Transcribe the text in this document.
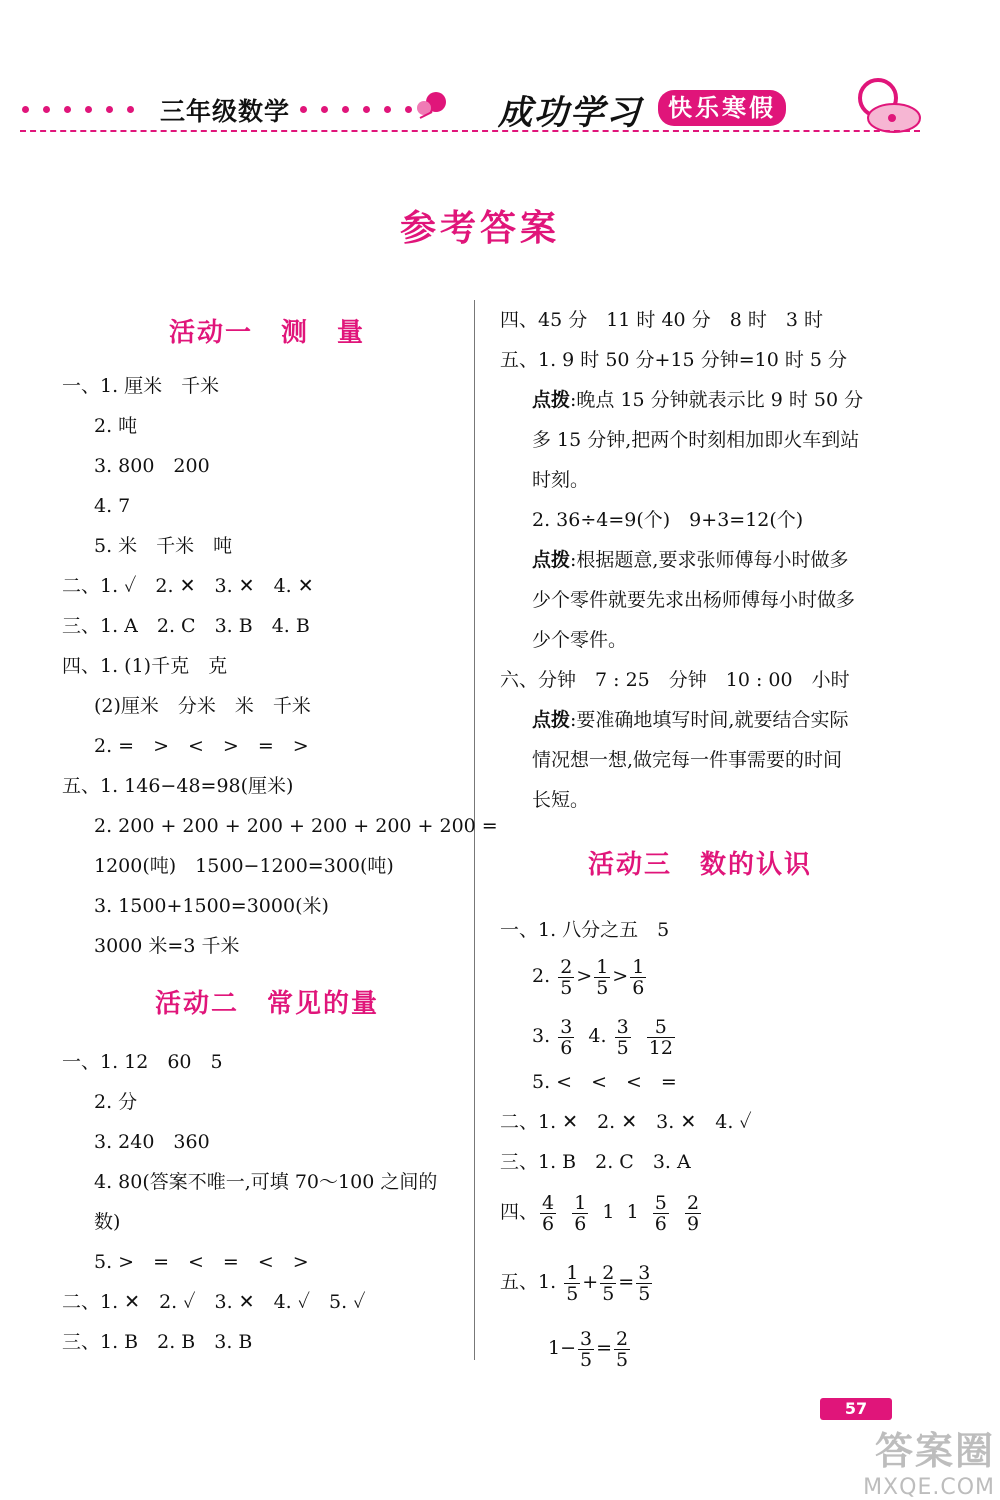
三年级数学	成功学习	快乐寒假
参考答案
活动一　测　量
一、1. 厘米　千米
2. 吨
3. 800　200
4. 7
5. 米　千米　吨
二、1. ✓　2. ✕　3. ✕　4. ✕
三、1. A　2. C　3. B　4. B
四、1. (1)千克　克
(2)厘米　分米　米　千米
2. =　>　<　>　=　>
五、1. 146−48=98(厘米)
2. 200 + 200 + 200 + 200 + 200 + 200 =
1200(吨)　1500−1200=300(吨)
3. 1500+1500=3000(米)
3000 米=3 千米
活动二　常见的量
一、1. 12　60　5
2. 分
3. 240　360
4. 80(答案不唯一,可填 70～100 之间的
数)
5. >　=　<　=　<　>
二、1. ✕　2. ✓　3. ✕　4. ✓　5. ✓
三、1. B　2. B　3. B
四、45 分　11 时 40 分　8 时　3 时
五、1. 9 时 50 分+15 分钟=10 时 5 分
点拨:晚点 15 分钟就表示比 9 时 50 分
多 15 分钟,把两个时刻相加即火车到站
时刻。
2. 36÷4=9(个)　9+3=12(个)
点拨:根据题意,要求张师傅每小时做多
少个零件就要先求出杨师傅每小时做多
少个零件。
六、分钟　7 : 25　分钟　10 : 00　小时
点拨:要准确地填写时间,就要结合实际
情况想一想,做完每一件事需要的时间
长短。
活动三　数的认识
一、1. 八分之五　5
2. $\frac{2}{5} > \frac{1}{5} > \frac{1}{6}$
3. $\frac{3}{6} 4$. $\frac{3}{5}$
$\frac{5}{12}$
5. <　<　<　=
二、1. ✕　2. ✕　3. ✕　4. ✓
三、1. B　2. C　3. A
四、 $\frac{4}{6}$
$\frac{1}{6} 1$ $1 \frac{5}{6}$
$\frac{2}{9}$
五、1. $\frac{1}{5} + \frac{2}{5} = \frac{3}{5}$
$1- \frac{3}{5} = \frac{2}{5}$
57
答案圈
MXQE.COM
